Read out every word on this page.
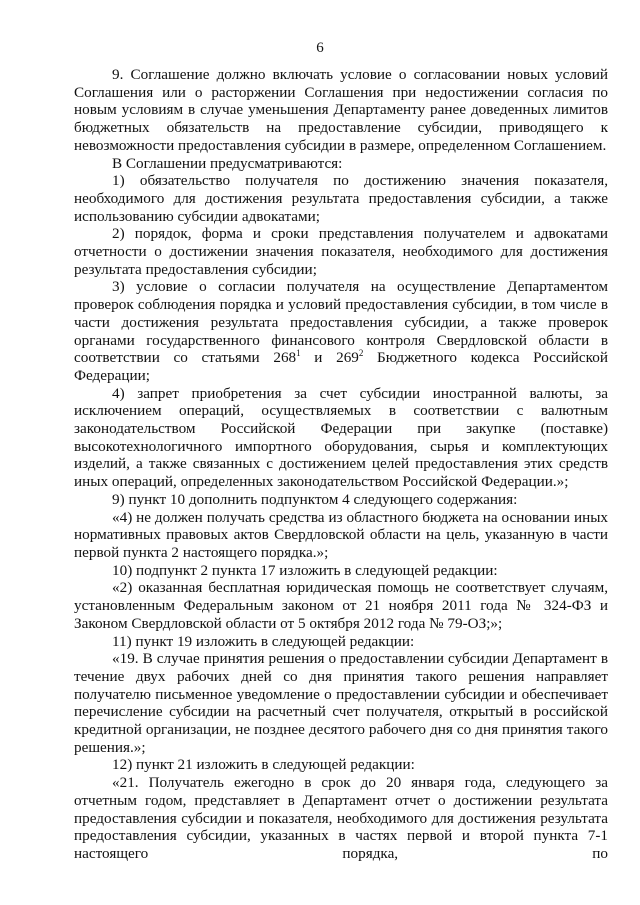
6

9. Соглашение должно включать условие о согласовании новых условий Соглашения или о расторжении Соглашения при недостижении согласия по новым условиям в случае уменьшения Департаменту ранее доведенных лимитов бюджетных обязательств на предоставление субсидии, приводящего к невозможности предоставления субсидии в размере, определенном Соглашением.

В Соглашении предусматриваются:

1) обязательство получателя по достижению значения показателя, необходимого для достижения результата предоставления субсидии, а также использованию субсидии адвокатами;

2) порядок, форма и сроки представления получателем и адвокатами отчетности о достижении значения показателя, необходимого для достижения результата предоставления субсидии;

3) условие о согласии получателя на осуществление Департаментом проверок соблюдения порядка и условий предоставления субсидии, в том числе в части достижения результата предоставления субсидии, а также проверок органами государственного финансового контроля Свердловской области в соответствии со статьями $268^1$ и $269^2$ Бюджетного кодекса Российской Федерации;

4) запрет приобретения за счет субсидии иностранной валюты, за исключением операций, осуществляемых в соответствии с валютным законодательством Российской Федерации при закупке (поставке) высокотехнологичного импортного оборудования, сырья и комплектующих изделий, а также связанных с достижением целей предоставления этих средств иных операций, определенных законодательством Российской Федерации.»;

9) пункт 10 дополнить подпунктом 4 следующего содержания:

«4) не должен получать средства из областного бюджета на основании иных нормативных правовых актов Свердловской области на цель, указанную в части первой пункта 2 настоящего порядка.»;

10) подпункт 2 пункта 17 изложить в следующей редакции:

«2) оказанная бесплатная юридическая помощь не соответствует случаям, установленным Федеральным законом от 21 ноября 2011 года № 324-ФЗ и Законом Свердловской области от 5 октября 2012 года № 79-ОЗ;»;

11) пункт 19 изложить в следующей редакции:

«19. В случае принятия решения о предоставлении субсидии Департамент в течение двух рабочих дней со дня принятия такого решения направляет получателю письменное уведомление о предоставлении субсидии и обеспечивает перечисление субсидии на расчетный счет получателя, открытый в российской кредитной организации, не позднее десятого рабочего дня со дня принятия такого решения.»;

12) пункт 21 изложить в следующей редакции:

«21. Получатель ежегодно в срок до 20 января года, следующего за отчетным годом, представляет в Департамент отчет о достижении результата предоставления субсидии и показателя, необходимого для достижения результата предоставления субсидии, указанных в частях первой и второй пункта 7-1 настоящего порядка, по
